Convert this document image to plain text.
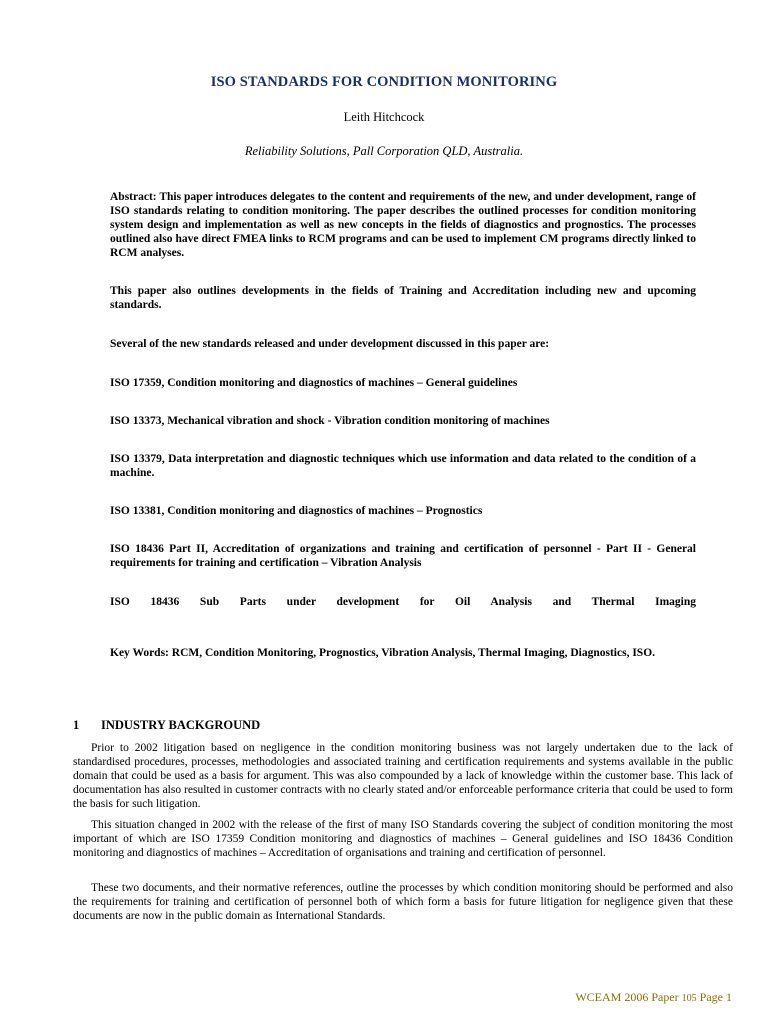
ISO STANDARDS FOR CONDITION MONITORING
Leith Hitchcock
Reliability Solutions, Pall Corporation QLD, Australia.
Abstract: This paper introduces delegates to the content and requirements of the new, and under development, range of ISO standards relating to condition monitoring. The paper describes the outlined processes for condition monitoring system design and implementation as well as new concepts in the fields of diagnostics and prognostics. The processes outlined also have direct FMEA links to RCM programs and can be used to implement CM programs directly linked to RCM analyses.
This paper also outlines developments in the fields of Training and Accreditation including new and upcoming standards.
Several of the new standards released and under development discussed in this paper are:
ISO 17359, Condition monitoring and diagnostics of machines – General guidelines
ISO 13373, Mechanical vibration and shock - Vibration condition monitoring of machines
ISO 13379, Data interpretation and diagnostic techniques which use information and data related to the condition of a machine.
ISO 13381, Condition monitoring and diagnostics of machines – Prognostics
ISO 18436 Part II, Accreditation of organizations and training and certification of personnel - Part II - General requirements for training and certification – Vibration Analysis
ISO 18436 Sub Parts under development for Oil Analysis and Thermal Imaging
Key Words: RCM, Condition Monitoring, Prognostics, Vibration Analysis, Thermal Imaging, Diagnostics, ISO.
1 INDUSTRY BACKGROUND
Prior to 2002 litigation based on negligence in the condition monitoring business was not largely undertaken due to the lack of standardised procedures, processes, methodologies and associated training and certification requirements and systems available in the public domain that could be used as a basis for argument. This was also compounded by a lack of knowledge within the customer base. This lack of documentation has also resulted in customer contracts with no clearly stated and/or enforceable performance criteria that could be used to form the basis for such litigation.
This situation changed in 2002 with the release of the first of many ISO Standards covering the subject of condition monitoring the most important of which are ISO 17359 Condition monitoring and diagnostics of machines – General guidelines and ISO 18436 Condition monitoring and diagnostics of machines – Accreditation of organisations and training and certification of personnel.
These two documents, and their normative references, outline the processes by which condition monitoring should be performed and also the requirements for training and certification of personnel both of which form a basis for future litigation for negligence given that these documents are now in the public domain as International Standards.
WCEAM 2006 Paper 105 Page 1
